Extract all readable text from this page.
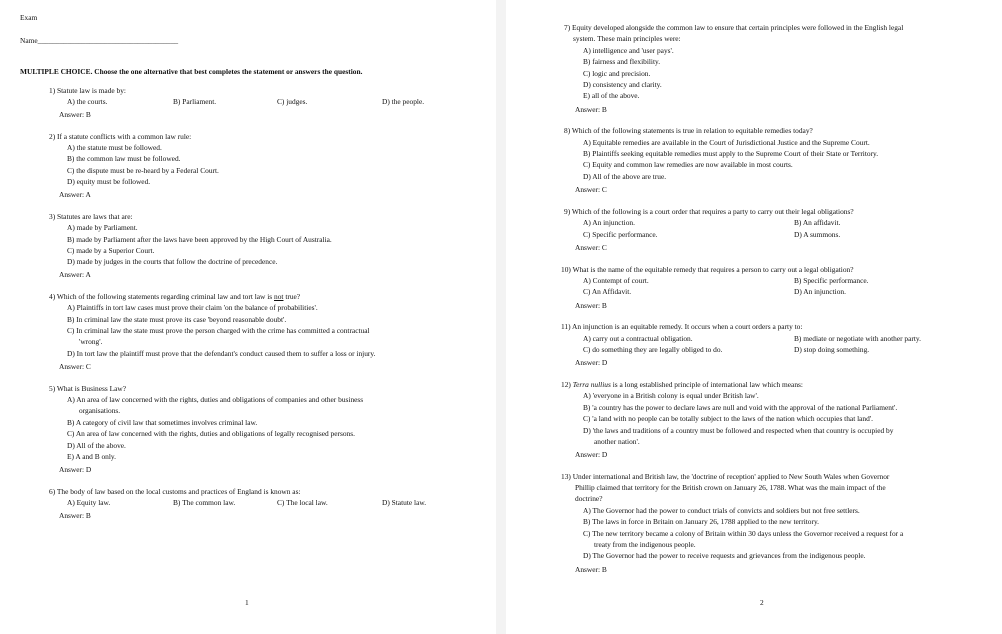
Exam
Name______________________________________
MULTIPLE CHOICE. Choose the one alternative that best completes the statement or answers the question.
1) Statute law is made by:
A) the courts.	B) Parliament.	C) judges.	D) the people.
Answer: B
2) If a statute conflicts with a common law rule:
A) the statute must be followed.
B) the common law must be followed.
C) the dispute must be re-heard by a Federal Court.
D) equity must be followed.
Answer: A
3) Statutes are laws that are:
A) made by Parliament.
B) made by Parliament after the laws have been approved by the High Court of Australia.
C) made by a Superior Court.
D) made by judges in the courts that follow the doctrine of precedence.
Answer: A
4) Which of the following statements regarding criminal law and tort law is not true?
A) Plaintiffs in tort law cases must prove their claim 'on the balance of probabilities'.
B) In criminal law the state must prove its case 'beyond reasonable doubt'.
C) In criminal law the state must prove the person charged with the crime has committed a contractual
'wrong'.
D) In tort law the plaintiff must prove that the defendant's conduct caused them to suffer a loss or injury.
Answer: C
5) What is Business Law?
A) An area of law concerned with the rights, duties and obligations of companies and other business
organisations.
B) A category of civil law that sometimes involves criminal law.
C) An area of law concerned with the rights, duties and obligations of legally recognised persons.
D) All of the above.
E) A and B only.
Answer: D
6) The body of law based on the local customs and practices of England is known as:
A) Equity law.	B) The common law.	C) The local law.	D) Statute law.
Answer: B
1
7) Equity developed alongside the common law to ensure that certain principles were followed in the English legal
system. These main principles were:
A) intelligence and 'user pays'.
B) fairness and flexibility.
C) logic and precision.
D) consistency and clarity.
E) all of the above.
Answer: B
8) Which of the following statements is true in relation to equitable remedies today?
A) Equitable remedies are available in the Court of Jurisdictional Justice and the Supreme Court.
B) Plaintiffs seeking equitable remedies must apply to the Supreme Court of their State or Territory.
C) Equity and common law remedies are now available in most courts.
D) All of the above are true.
Answer: C
9) Which of the following is a court order that requires a party to carry out their legal obligations?
A) An injunction.	B) An affidavit.
C) Specific performance.	D) A summons.
Answer: C
10) What is the name of the equitable remedy that requires a person to carry out a legal obligation?
A) Contempt of court.	B) Specific performance.
C) An Affidavit.	D) An injunction.
Answer: B
11) An injunction is an equitable remedy. It occurs when a court orders a party to:
A) carry out a contractual obligation.	B) mediate or negotiate with another party.
C) do something they are legally obliged to do.	D) stop doing something.
Answer: D
12) Terra nullius is a long established principle of international law which means:
A) 'everyone in a British colony is equal under British law'.
B) 'a country has the power to declare laws are null and void with the approval of the national Parliament'.
C) 'a land with no people can be totally subject to the laws of the nation which occupies that land'.
D) 'the laws and traditions of a country must be followed and respected when that country is occupied by
another nation'.
Answer: D
13) Under international and British law, the 'doctrine of reception' applied to New South Wales when Governor
Phillip claimed that territory for the British crown on January 26, 1788. What was the main impact of the
doctrine?
A) The Governor had the power to conduct trials of convicts and soldiers but not free settlers.
B) The laws in force in Britain on January 26, 1788 applied to the new territory.
C) The new territory became a colony of Britain within 30 days unless the Governor received a request for a
treaty from the indigenous people.
D) The Governor had the power to receive requests and grievances from the indigenous people.
Answer: B
2
